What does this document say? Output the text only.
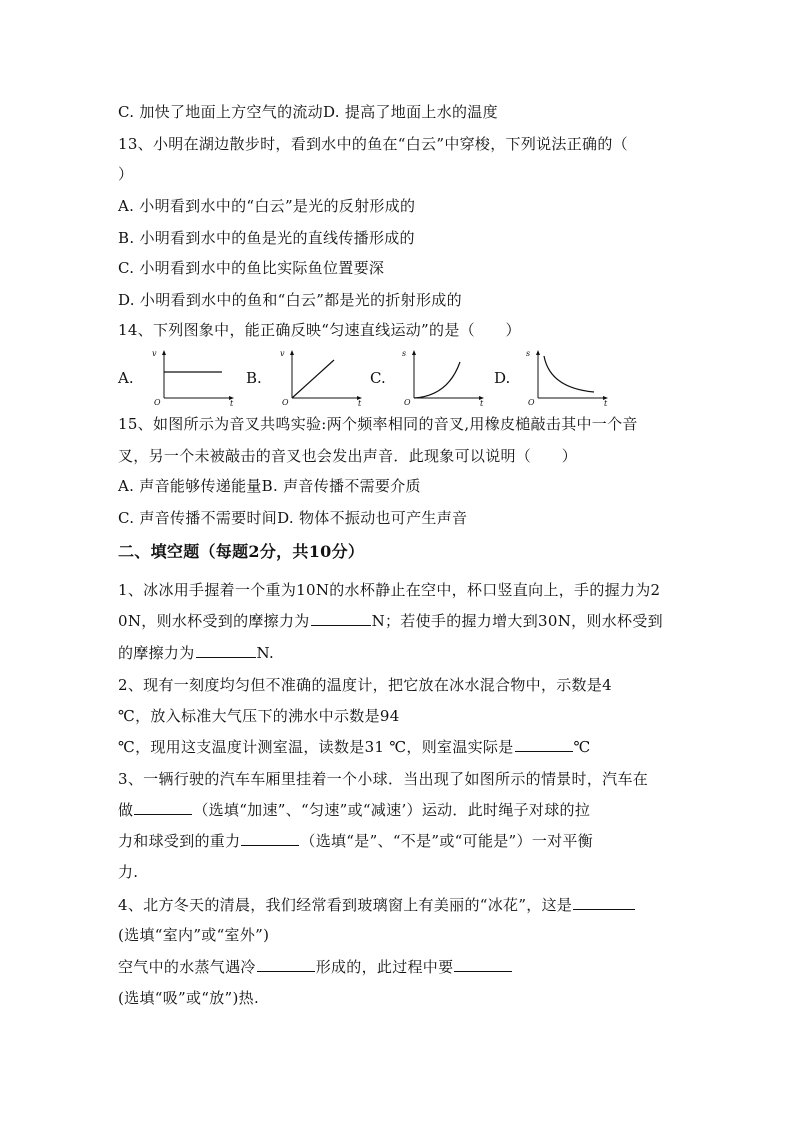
C. 加快了地面上方空气的流动D. 提高了地面上水的温度
13、小明在湖边散步时，看到水中的鱼在“白云”中穿梭，下列说法正确的（
）
A. 小明看到水中的“白云”是光的反射形成的
B. 小明看到水中的鱼是光的直线传播形成的
C. 小明看到水中的鱼比实际鱼位置要深
D. 小明看到水中的鱼和“白云”都是光的折射形成的
14、下列图象中，能正确反映“匀速直线运动”的是（　　）
A.
v
O	t
B.
v
O	t
C.
s
O	t
D.
s
O	t
15、如图所示为音叉共鸣实验:两个频率相同的音叉,用橡皮槌敲击其中一个音
叉，另一个未被敲击的音叉也会发出声音．此现象可以说明（　　）
A. 声音能够传递能量B. 声音传播不需要介质
C. 声音传播不需要时间D. 物体不振动也可产生声音
二、填空题（每题2分，共10分）
1、冰冰用手握着一个重为10N的水杯静止在空中，杯口竖直向上，手的握力为2
0N，则水杯受到的摩擦力为	N；若使手的握力增大到30N，则水杯受到
的摩擦力为	N.
2、现有一刻度均匀但不准确的温度计，把它放在冰水混合物中，示数是4
℃，放入标准大气压下的沸水中示数是94
℃，现用这支温度计测室温，读数是31 ℃，则室温实际是	℃
3、一辆行驶的汽车车厢里挂着一个小球．当出现了如图所示的情景时，汽车在
做	（选填“加速”、“匀速”或“减速’）运动．此时绳子对球的拉
力和球受到的重力	（选填“是”、“不是”或“可能是”）一对平衡
力.
4、北方冬天的清晨，我们经常看到玻璃窗上有美丽的“冰花”，这是
(选填“室内”或“室外”)
空气中的水蒸气遇冷	形成的，此过程中要
(选填“吸”或“放”)热.
